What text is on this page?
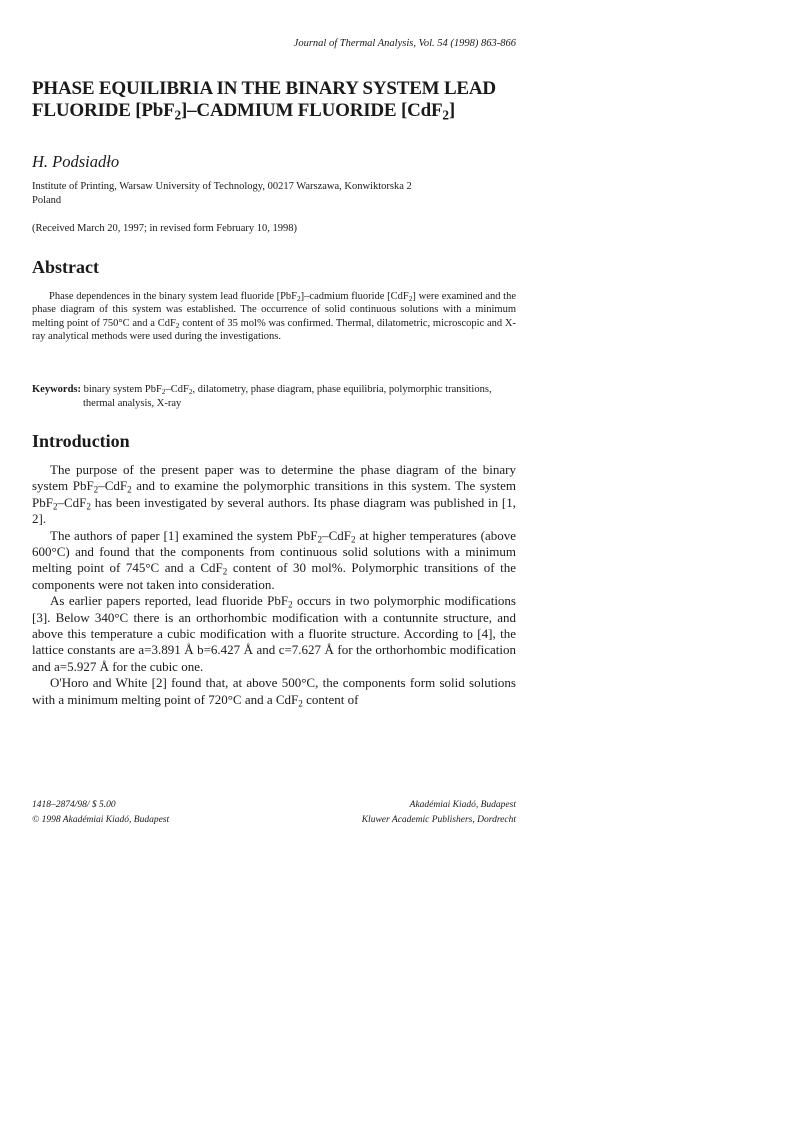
Journal of Thermal Analysis, Vol. 54 (1998) 863-866
PHASE EQUILIBRIA IN THE BINARY SYSTEM LEAD
FLUORIDE [PbF$_2$]–CADMIUM FLUORIDE [CdF$_2$]
H. Podsiadło
Institute of Printing, Warsaw University of Technology, 00217 Warszawa, Konwiktorska 2
Poland
(Received March 20, 1997; in revised form February 10, 1998)
Abstract

Phase dependences in the binary system lead fluoride [PbF$_2$]–cadmium fluoride [CdF$_2$] were examined and the phase diagram of this system was established. The occurrence of solid continuous solutions with a minimum melting point of 750°C and a CdF$_2$ content of 35 mol% was confirmed. Thermal, dilatometric, microscopic and X-ray analytical methods were used during the investigations.

Keywords: binary system PbF$_2$–CdF$_2$, dilatometry, phase diagram, phase equilibria, polymorphic transitions, thermal analysis, X-ray

Introduction

The purpose of the present paper was to determine the phase diagram of the binary system PbF$_2$–CdF$_2$ and to examine the polymorphic transitions in this system. The system PbF$_2$–CdF$_2$ has been investigated by several authors. Its phase diagram was published in [1, 2].

The authors of paper [1] examined the system PbF$_2$–CdF$_2$ at higher temperatures (above 600°C) and found that the components from continuous solid solutions with a minimum melting point of 745°C and a CdF$_2$ content of 30 mol%. Polymorphic transitions of the components were not taken into consideration.

As earlier papers reported, lead fluoride PbF$_2$ occurs in two polymorphic modifications [3]. Below 340°C there is an orthorhombic modification with a contunnite structure, and above this temperature a cubic modification with a fluorite structure. According to [4], the lattice constants are a=3.891 Å b=6.427 Å and c=7.627 Å for the orthorhombic modification and a=5.927 Å for the cubic one.

O'Horo and White [2] found that, at above 500°C, the components form solid solutions with a minimum melting point of 720°C and a CdF$_2$ content of

1418–2874/98/ $ 5.00
© 1998 Akadémiai Kiadó, Budapest
Akadémiai Kiadó, Budapest
Kluwer Academic Publishers, Dordrecht
